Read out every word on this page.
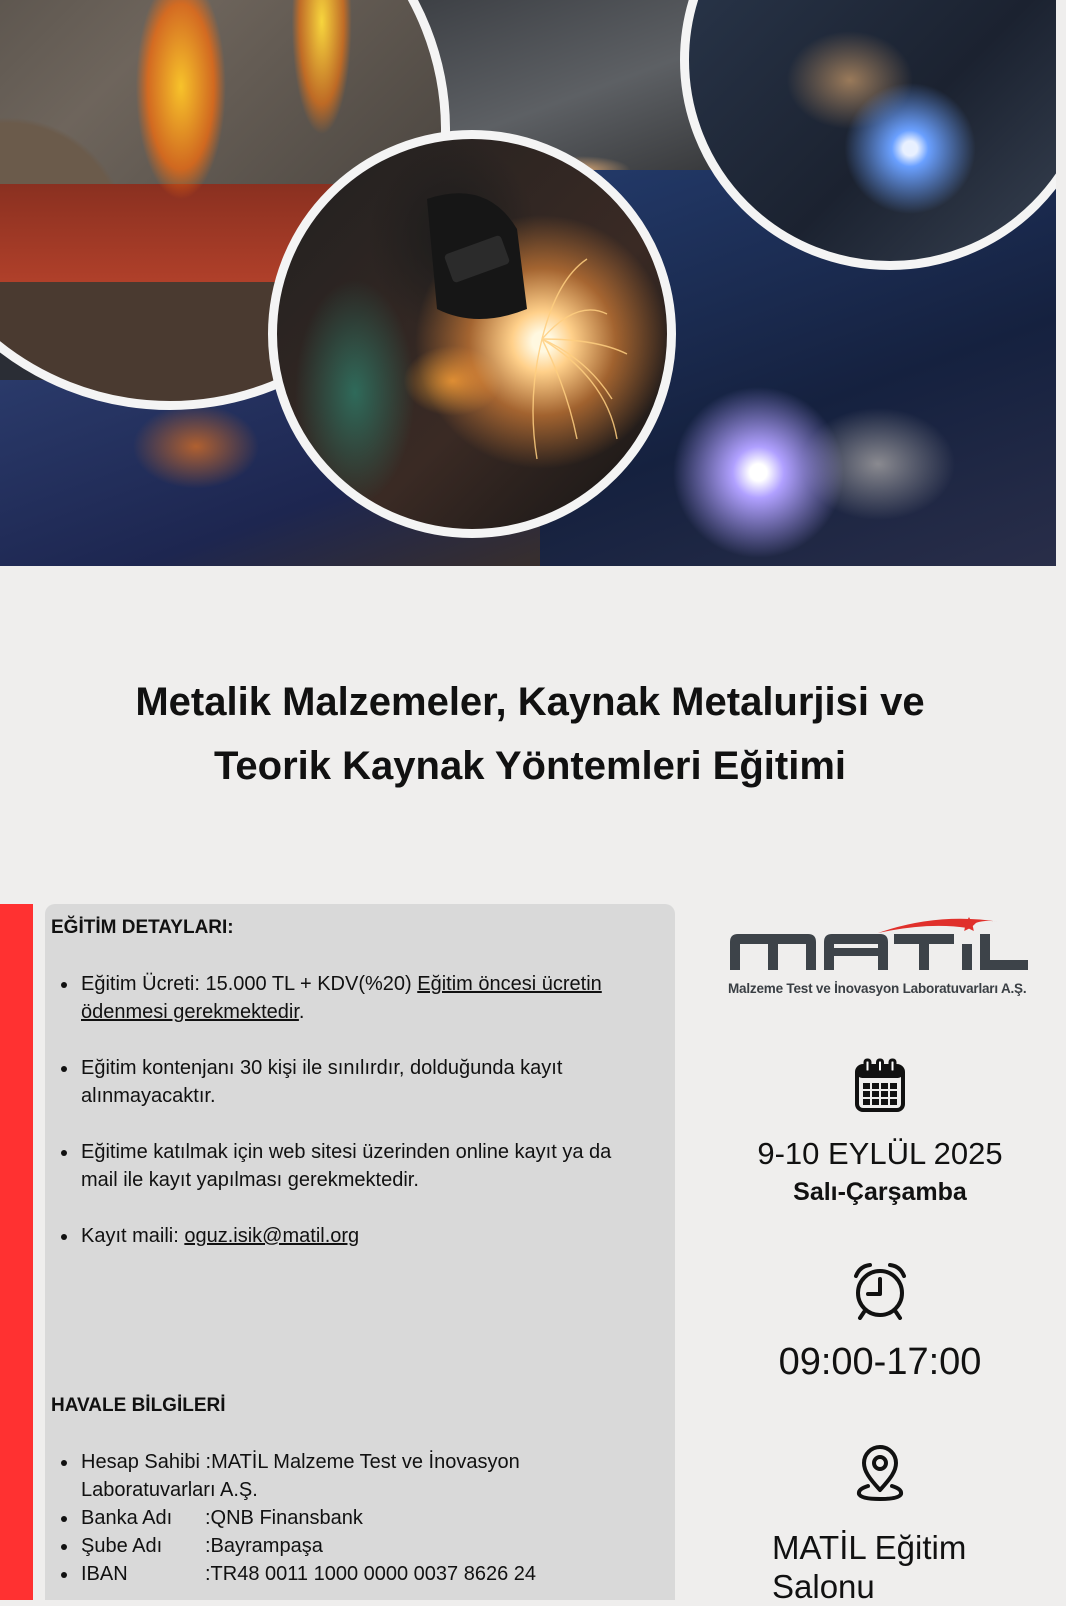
Metalik Malzemeler, Kaynak Metalurjisi ve
Teorik Kaynak Yöntemleri Eğitimi
EĞİTİM DETAYLARI:
Eğitim Ücreti: 15.000 TL + KDV(%20) Eğitim öncesi ücretin ödenmesi gerekmektedir.
Eğitim kontenjanı 30 kişi ile sınılırdır, dolduğunda kayıt alınmayacaktır.
Eğitime katılmak için web sitesi üzerinden online kayıt ya da mail ile kayıt yapılması gerekmektedir.
Kayıt maili: oguz.isik@matil.org
HAVALE BİLGİLERİ
Hesap Sahibi :MATİL Malzeme Test ve İnovasyon Laboratuvarları A.Ş.
Banka Adı :QNB Finansbank
Şube Adı :Bayrampaşa
IBAN	:TR48 0011 1000 0000 0037 8626 24
Malzeme Test ve İnovasyon Laboratuvarları A.Ş.
9-10 EYLÜL 2025
Salı-Çarşamba
09:00-17:00
MATİL Eğitim Salonu
